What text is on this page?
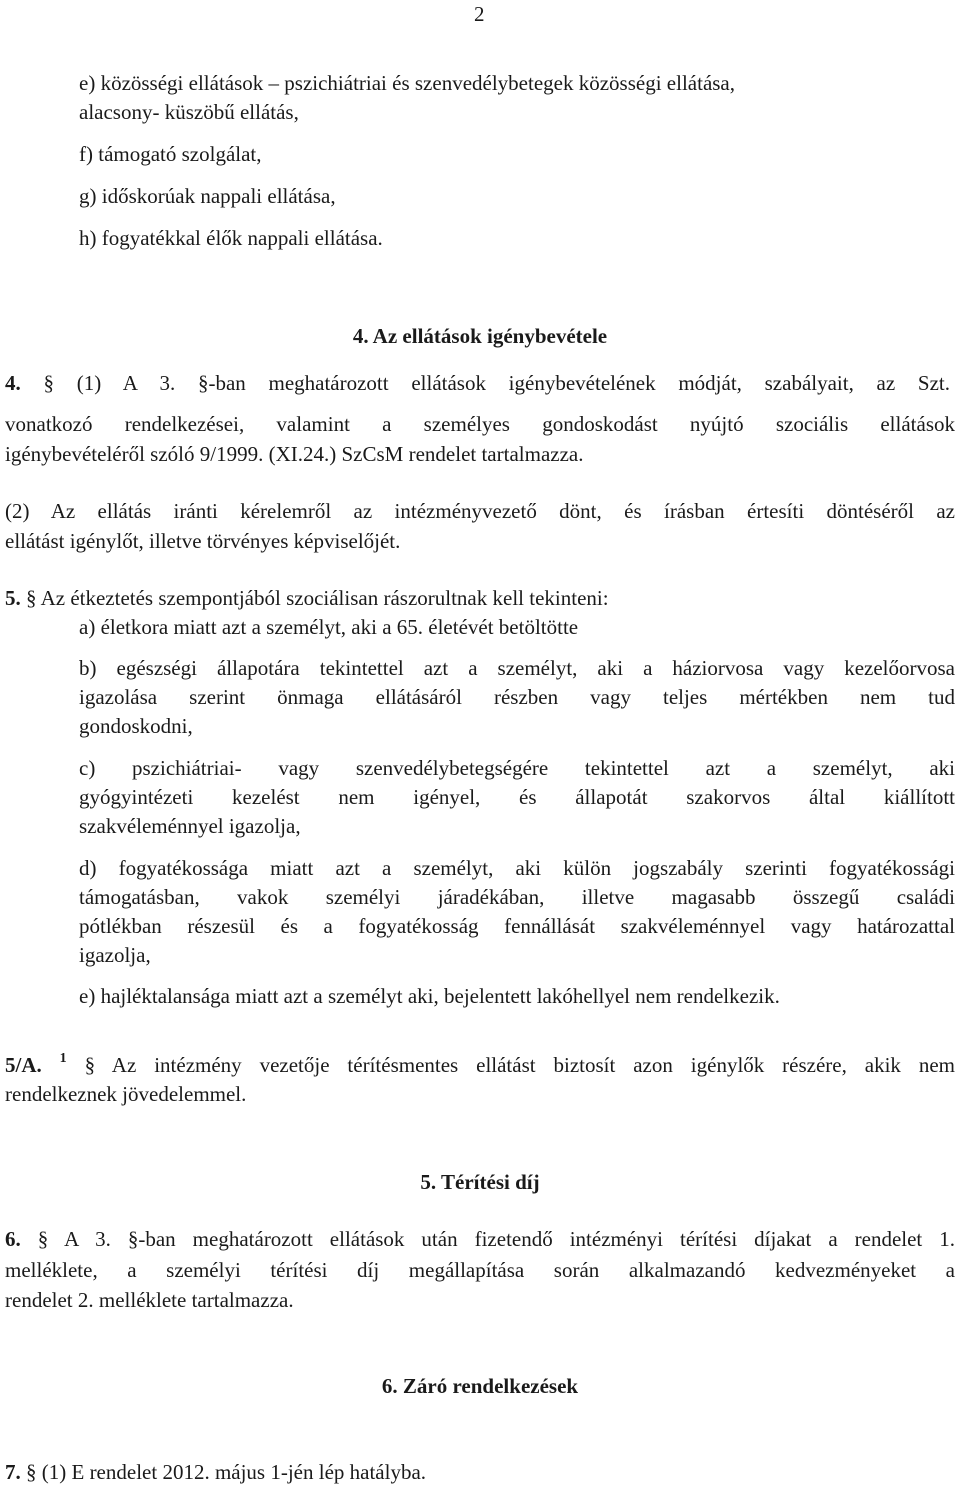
2
e) közösségi ellátások – pszichiátriai és szenvedélybetegek közösségi ellátása,
alacsony- küszöbű ellátás,
f) támogató szolgálat,
g) időskorúak nappali ellátása,
h) fogyatékkal élők nappali ellátása.
4. Az ellátások igénybevétele
4. § (1) A 3. §-ban meghatározott ellátások igénybevételének módját, szabályait, az Szt.
vonatkozó rendelkezései, valamint a személyes gondoskodást nyújtó szociális ellátások
igénybevételéről szóló 9/1999. (XI.24.) SzCsM rendelet tartalmazza.
(2) Az ellátás iránti kérelemről az intézményvezető dönt, és írásban értesíti döntéséről az
ellátást igénylőt, illetve törvényes képviselőjét.
5. § Az étkeztetés szempontjából szociálisan rászorultnak kell tekinteni:
a) életkora miatt azt a személyt, aki a 65. életévét betöltötte
b) egészségi állapotára tekintettel azt a személyt, aki a háziorvosa vagy kezelőorvosa
igazolása szerint önmaga ellátásáról részben vagy teljes mértékben nem tud
gondoskodni,
c) pszichiátriai- vagy szenvedélybetegségére tekintettel azt a személyt, aki
gyógyintézeti kezelést nem igényel, és állapotát szakorvos által kiállított
szakvéleménnyel igazolja,
d) fogyatékossága miatt azt a személyt, aki külön jogszabály szerinti fogyatékossági
támogatásban, vakok személyi járadékában, illetve magasabb összegű családi
pótlékban részesül és a fogyatékosság fennállását szakvéleménnyel vagy határozattal
igazolja,
e) hajléktalansága miatt azt a személyt aki, bejelentett lakóhellyel nem rendelkezik.
5/A. $^1$ § Az intézmény vezetője térítésmentes ellátást biztosít azon igénylők részére, akik nem
rendelkeznek jövedelemmel.
5. Térítési díj
6. § A 3. §-ban meghatározott ellátások után fizetendő intézményi térítési díjakat a rendelet 1.
melléklete, a személyi térítési díj megállapítása során alkalmazandó kedvezményeket a
rendelet 2. melléklete tartalmazza.
6. Záró rendelkezések
7. § (1) E rendelet 2012. május 1-jén lép hatályba.
